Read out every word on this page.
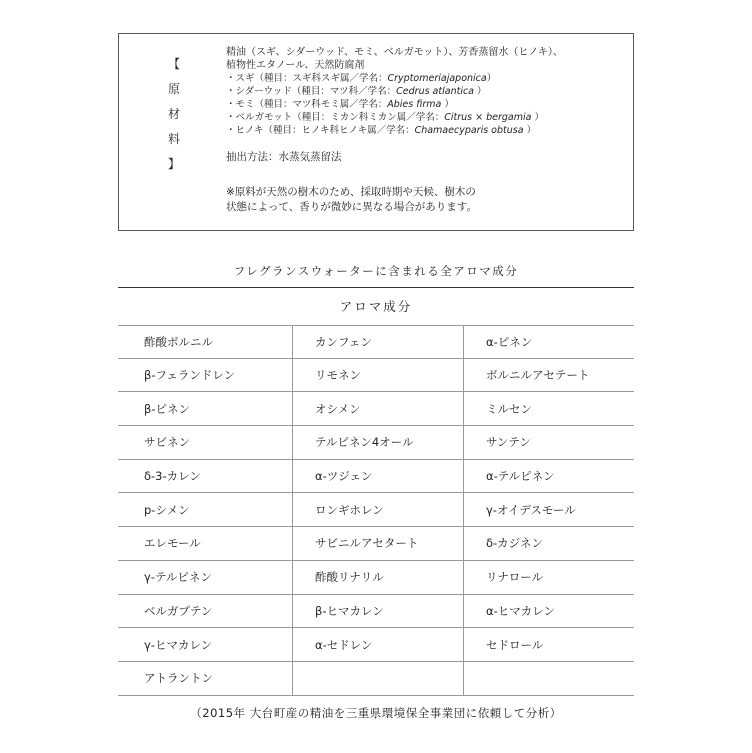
【
原
材
料
】
精油（スギ、シダーウッド、モミ、ベルガモット）、芳香蒸留水（ヒノキ）、
植物性エタノール、天然防腐剤
・スギ（種目：スギ科スギ属／学名：Cryptomeriajaponica）
・シダーウッド（種目：マツ科／学名：Cedrus atlantica ）
・モミ（種目：マツ科モミ属／学名：Abies firma ）
・ベルガモット（種目：ミカン科ミカン属／学名：Citrus × bergamia ）
・ヒノキ（種目：ヒノキ科ヒノキ属／学名：Chamaecyparis obtusa ）
抽出方法：水蒸気蒸留法
※原料が天然の樹木のため、採取時期や天候、樹木の
状態によって、香りが微妙に異なる場合があります。
フレグランスウォーターに含まれる全アロマ成分
アロマ成分
酢酸ボルニル	カンフェン	α-ピネン
β-フェランドレン	リモネン	ボルニルアセテート
β-ピネン	オシメン	ミルセン
サビネン	テルピネン4オール	サンテン
δ-3-カレン	α-ツジェン	α-テルピネン
p-シメン	ロンギホレン	γ-オイデスモール
エレモール	サビニルアセタート	δ-カジネン
γ-テルピネン	酢酸リナリル	リナロール
ベルガプテン	β-ヒマカレン	α-ヒマカレン
γ-ヒマカレン	α-セドレン	セドロール
アトラントン
（2015年 大台町産の精油を三重県環境保全事業団に依頼して分析）
